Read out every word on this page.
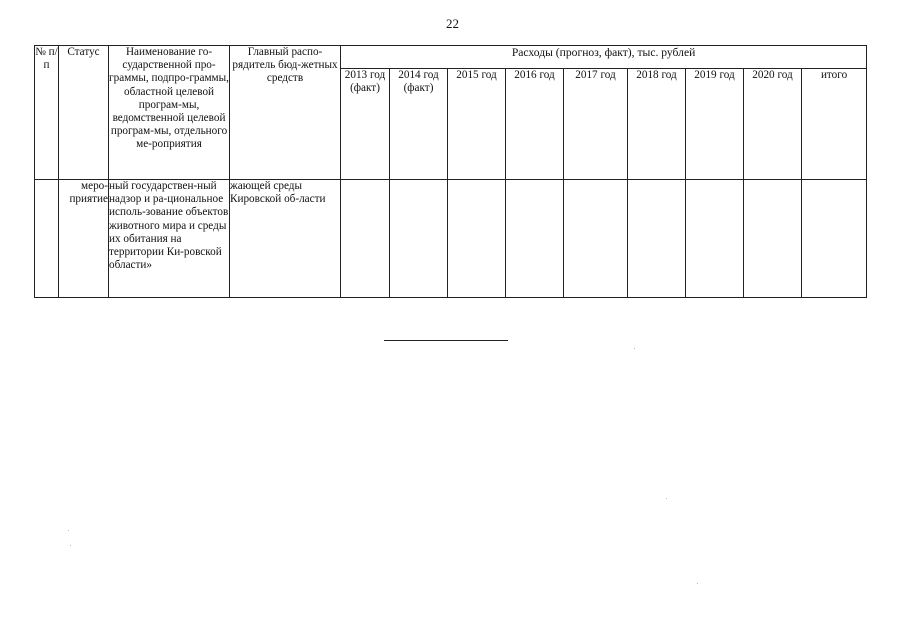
22
№ п/п	Статус	Наименование го-сударственной про-граммы, подпро-граммы, областной целевой програм-мы, ведомственной целевой програм-мы, отдельного ме-роприятия	Главный распо-рядитель бюд-жетных средств	Расходы (прогноз, факт), тыс. рублей								
				2013 год (факт)	2014 год (факт)	2015 год	2016 год	2017 год	2018 год	2019 год	2020 год	итого
	меро-приятие	ный государствен-ный надзор и ра-циональное исполь-зование объектов животного мира и среды их обитания на территории Ки-ровской области»	жающей среды Кировской об-ласти									
